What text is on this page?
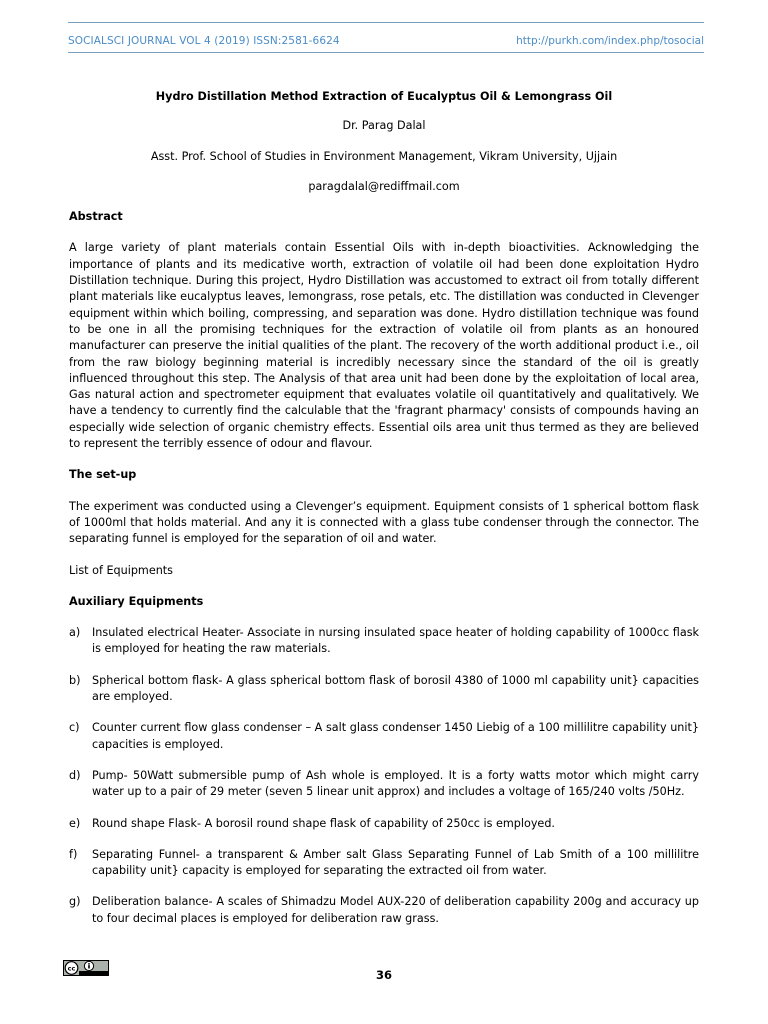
SOCIALSCI JOURNAL VOL 4 (2019) ISSN:2581-6624	http://purkh.com/index.php/tosocial
Hydro Distillation Method Extraction of Eucalyptus Oil & Lemongrass Oil
Dr. Parag Dalal
Asst. Prof. School of Studies in Environment Management, Vikram University, Ujjain
paragdalal@rediffmail.com
Abstract

A large variety of plant materials contain Essential Oils with in-depth bioactivities. Acknowledging the importance of plants and its medicative worth, extraction of volatile oil had been done exploitation Hydro Distillation technique. During this project, Hydro Distillation was accustomed to extract oil from totally different plant materials like eucalyptus leaves, lemongrass, rose petals, etc. The distillation was conducted in Clevenger equipment within which boiling, compressing, and separation was done. Hydro distillation technique was found to be one in all the promising techniques for the extraction of volatile oil from plants as an honoured manufacturer can preserve the initial qualities of the plant. The recovery of the worth additional product i.e., oil from the raw biology beginning material is incredibly necessary since the standard of the oil is greatly influenced throughout this step. The Analysis of that area unit had been done by the exploitation of local area, Gas natural action and spectrometer equipment that evaluates volatile oil quantitatively and qualitatively. We have a tendency to currently find the calculable that the 'fragrant pharmacy' consists of compounds having an especially wide selection of organic chemistry effects. Essential oils area unit thus termed as they are believed to represent the terribly essence of odour and flavour.

The set-up

The experiment was conducted using a Clevenger’s equipment. Equipment consists of 1 spherical bottom flask of 1000ml that holds material. And any it is connected with a glass tube condenser through the connector. The separating funnel is employed for the separation of oil and water.

List of Equipments
Auxiliary Equipments
a) Insulated electrical Heater- Associate in nursing insulated space heater of holding capability of 1000cc flask is employed for heating the raw materials.
b) Spherical bottom flask- A glass spherical bottom flask of borosil 4380 of 1000 ml capability unit} capacities are employed.
c) Counter current flow glass condenser – A salt glass condenser 1450 Liebig of a 100 millilitre capability unit} capacities is employed.
d) Pump- 50Watt submersible pump of Ash whole is employed. It is a forty watts motor which might carry water up to a pair of 29 meter (seven 5 linear unit approx) and includes a voltage of 165/240 volts /50Hz.
e) Round shape Flask- A borosil round shape flask of capability of 250cc is employed.
f) Separating Funnel- a transparent & Amber salt Glass Separating Funnel of Lab Smith of a 100 millilitre capability unit} capacity is employed for separating the extracted oil from water.
g) Deliberation balance- A scales of Shimadzu Model AUX-220 of deliberation capability 200g and accuracy up to four decimal places is employed for deliberation raw grass.
cc	36
